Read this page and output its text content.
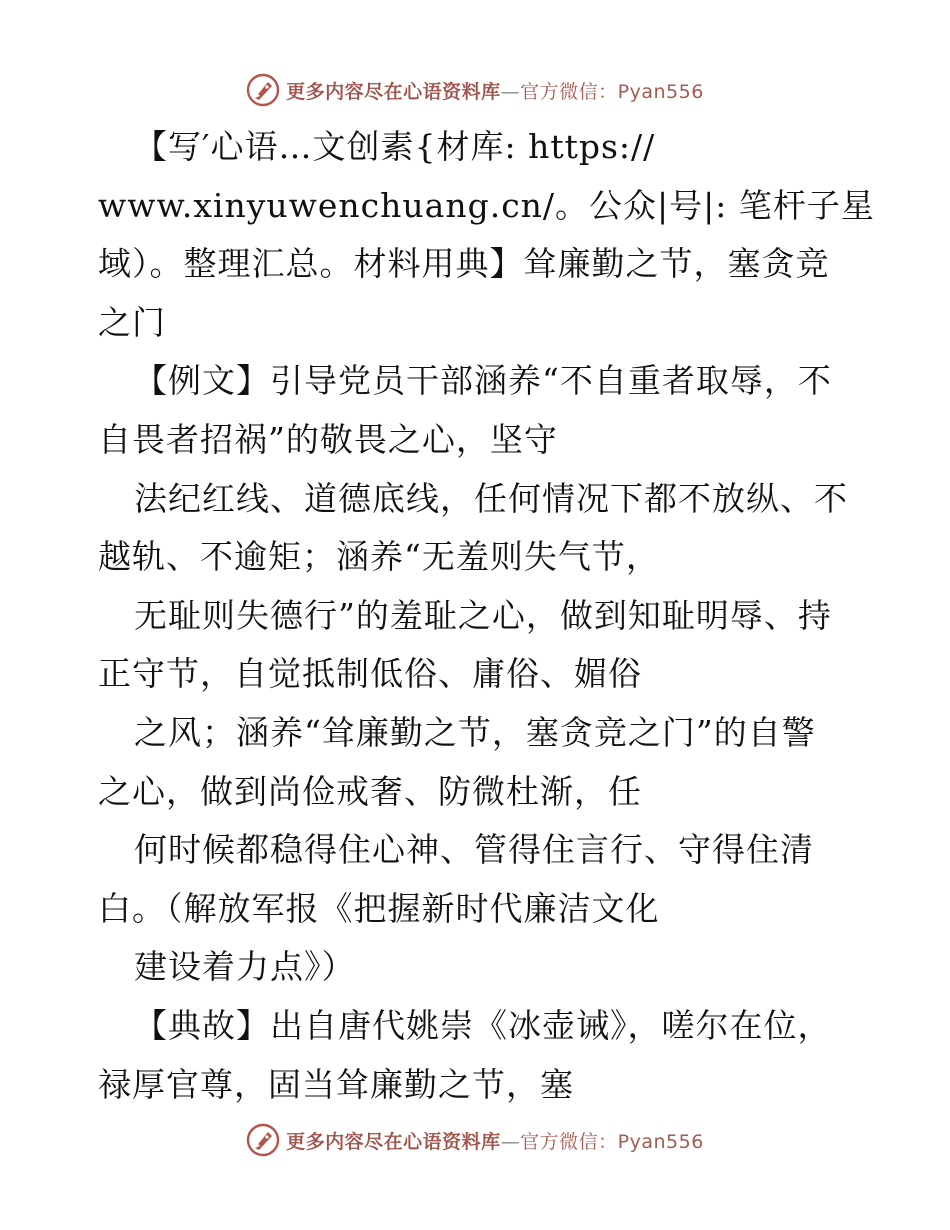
更多内容尽在心语资料库—官方微信：Pyan556
【写′心语…文创素{材库: https://
www.xinyuwenchuang.cn/。公众|号|: 笔杆子星
域）。整理汇总。材料用典】耸廉勤之节，塞贪竞
之门
【例文】引导党员干部涵养“不自重者取辱，不
自畏者招祸”的敬畏之心，坚守
法纪红线、道德底线，任何情况下都不放纵、不
越轨、不逾矩；涵养“无羞则失气节，
无耻则失德行”的羞耻之心，做到知耻明辱、持
正守节，自觉抵制低俗、庸俗、媚俗
之风；涵养“耸廉勤之节，塞贪竞之门”的自警
之心，做到尚俭戒奢、防微杜渐，任
何时候都稳得住心神、管得住言行、守得住清
白。（解放军报《把握新时代廉洁文化
建设着力点》）
【典故】出自唐代姚崇《冰壶诫》，嗟尔在位，
禄厚官尊，固当耸廉勤之节，塞
更多内容尽在心语资料库—官方微信：Pyan556
